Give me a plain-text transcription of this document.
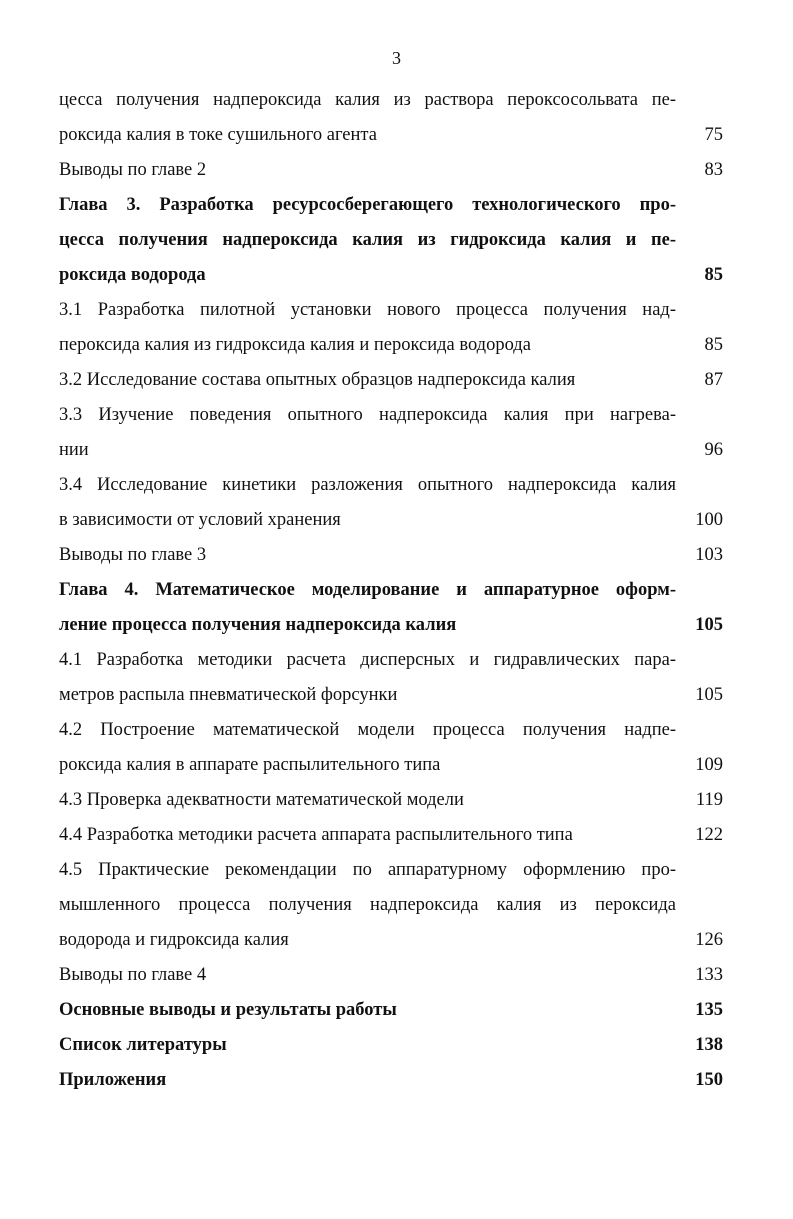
3
цесса получения надпероксида калия из раствора пероксосольвата пе-
роксида калия в токе сушильного агента	75
Выводы по главе 2	83
Глава 3. Разработка ресурсосберегающего технологического про-
цесса получения надпероксида калия из гидроксида калия и пе-
роксида водорода	85
3.1 Разработка пилотной установки нового процесса получения над-
пероксида калия из гидроксида калия и пероксида водорода	85
3.2 Исследование состава опытных образцов надпероксида калия	87
3.3 Изучение поведения опытного надпероксида калия при нагрева-
нии	96
3.4 Исследование кинетики разложения опытного надпероксида калия
в зависимости от условий хранения	100
Выводы по главе 3	103
Глава 4. Математическое моделирование и аппаратурное оформ-
ление процесса получения надпероксида калия	105
4.1 Разработка методики расчета дисперсных и гидравлических пара-
метров распыла пневматической форсунки	105
4.2 Построение математической модели процесса получения надпе-
роксида калия в аппарате распылительного типа	109
4.3 Проверка адекватности математической модели	119
4.4 Разработка методики расчета аппарата распылительного типа	122
4.5 Практические рекомендации по аппаратурному оформлению про-
мышленного процесса получения надпероксида калия из пероксида
водорода и гидроксида калия	126
Выводы по главе 4	133
Основные выводы и результаты работы	135
Список литературы	138
Приложения	150
